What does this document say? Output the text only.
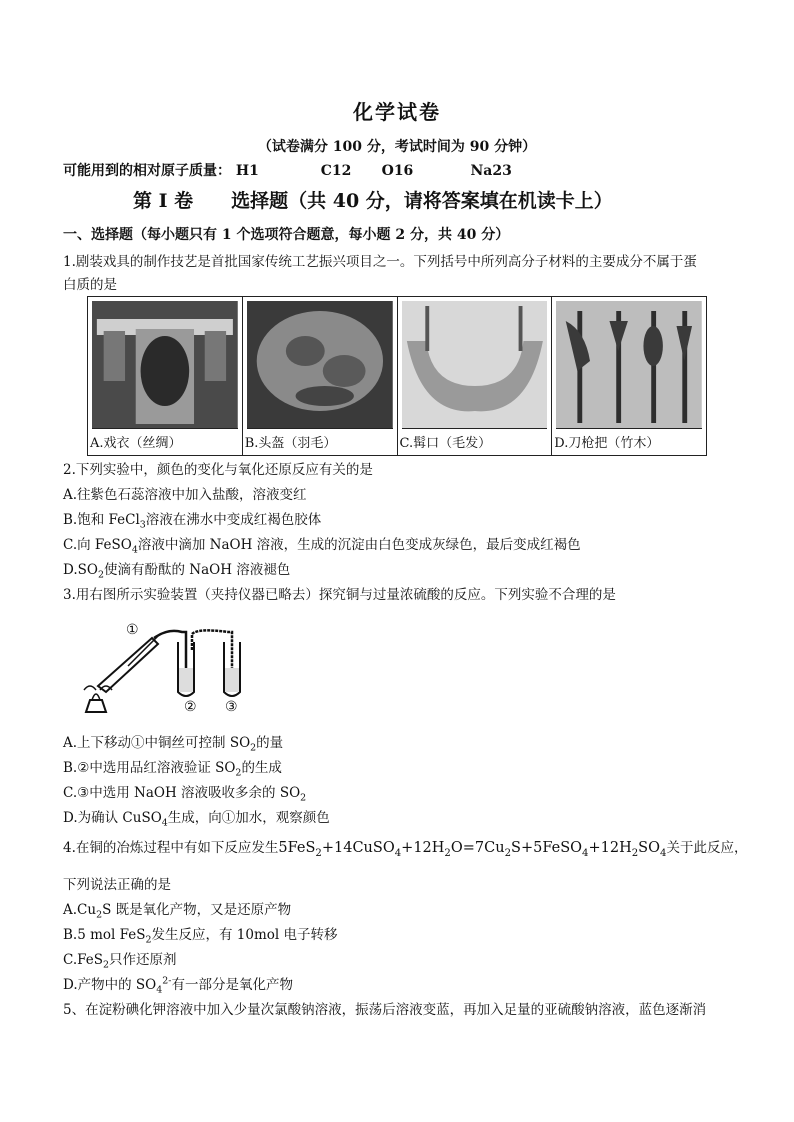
化学试卷
（试卷满分 100 分，考试时间为 90 分钟）
可能用到的相对原子质量： H1	C12 O16	Na23
第 I 卷　　选择题（共 40 分，请将答案填在机读卡上）
一、选择题（每小题只有 1 个选项符合题意，每小题 2 分，共 40 分）
1.剧装戏具的制作技艺是首批国家传统工艺振兴项目之一。下列括号中所列高分子材料的主要成分不属于蛋
白质的是
A.戏衣（丝绸）	B.头盔（羽毛）	C.髯口（毛发）	D.刀枪把（竹木）
2.下列实验中，颜色的变化与氧化还原反应有关的是
A.往紫色石蕊溶液中加入盐酸，溶液变红
B.饱和 FeCl$_3$溶液在沸水中变成红褐色胶体
C.向 FeSO$_4$溶液中滴加 NaOH 溶液，生成的沉淀由白色变成灰绿色，最后变成红褐色
$D.SO_2$使滴有酚酞的 NaOH 溶液褪色
3.用右图所示实验装置（夹持仪器已略去）探究铜与过量浓硫酸的反应。下列实验不合理的是
①
② ③
A.上下移动①中铜丝可控制 $SO_2$的量
B.②中选用品红溶液验证 $SO_2$的生成
C.③中选用 NaOH 溶液吸收多余的 $SO_2$
D.为确认 CuSO$_4$生成，向①加水，观察颜色
4.在铜的冶炼过程中有如下反应发生$5FeS_2+14CuSO_4+12H_2O=7Cu_2S+5FeSO_4+12H_2SO_4$关于此反应，
下列说法正确的是
$A.Cu_2S$ 既是氧化产物，又是还原产物
B.5 mol FeS$_2$发生反应，有 10mol 电子转移
C.FeS$_2$只作还原剂
D.产物中的 $SO_4^{2-}$有一部分是氧化产物
5、在淀粉碘化钾溶液中加入少量次氯酸钠溶液，振荡后溶液变蓝，再加入足量的亚硫酸钠溶液，蓝色逐渐消
